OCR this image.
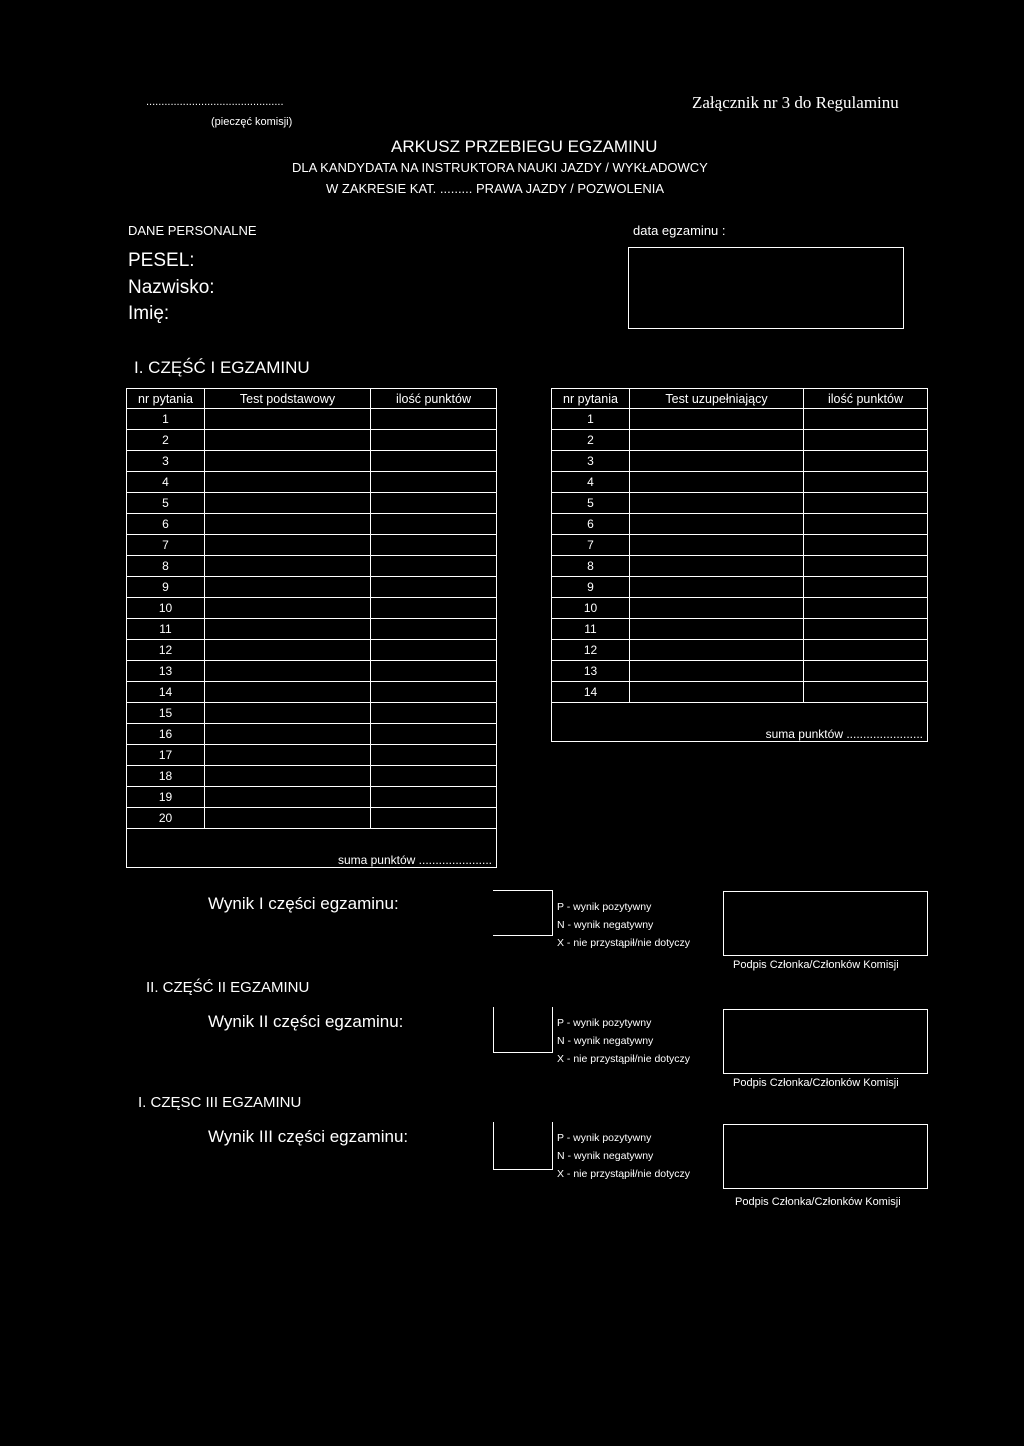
.............................................
(pieczęć komisji)
Załącznik nr 3 do Regulaminu
ARKUSZ PRZEBIEGU EGZAMINU
DLA KANDYDATA NA INSTRUKTORA NAUKI JAZDY / WYKŁADOWCY
W ZAKRESIE KAT. ......... PRAWA JAZDY / POZWOLENIA
DANE PERSONALNE
PESEL:
Nazwisko:
Imię:
data egzaminu :
I. CZĘŚĆ I EGZAMINU
nr pytania	Test podstawowy	ilość punktów
1		
2		
3		
4		
5		
6		
7		
8		
9		
10		
11		
12		
13		
14		
15		
16		
17		
18		
19		
20		
suma punktów ......................		
nr pytania	Test uzupełniający	ilość punktów
1		
2		
3		
4		
5		
6		
7		
8		
9		
10		
11		
12		
13		
14		
suma punktów .......................		
Wynik I części egzaminu:	P - wynik pozytywny
N - wynik negatywny
X - nie przystąpił/nie dotyczy
Podpis Członka/Członków Komisji
II. CZĘŚĆ II EGZAMINU
Wynik II części egzaminu:	P - wynik pozytywny
N - wynik negatywny
X - nie przystąpił/nie dotyczy
Podpis Członka/Członków Komisji
I. CZĘSC III EGZAMINU
Wynik III części egzaminu:	P - wynik pozytywny
N - wynik negatywny
X - nie przystąpił/nie dotyczy
Podpis Członka/Członków Komisji
